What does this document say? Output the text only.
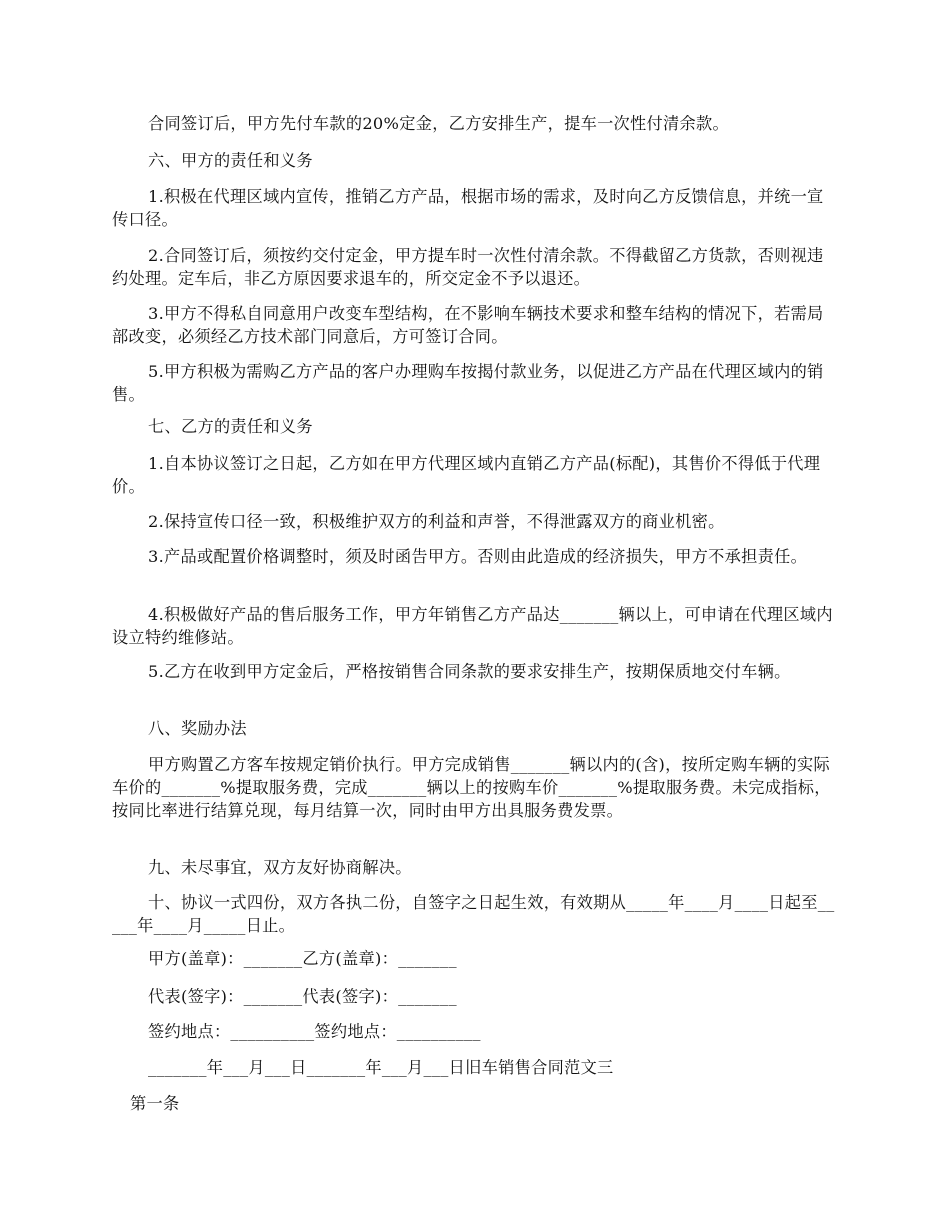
合同签订后，甲方先付车款的20%定金，乙方安排生产，提车一次性付清余款。

六、甲方的责任和义务

1.积极在代理区域内宣传，推销乙方产品，根据市场的需求，及时向乙方反馈信息，并统一宣传口径。

2.合同签订后，须按约交付定金，甲方提车时一次性付清余款。不得截留乙方货款，否则视违约处理。定车后，非乙方原因要求退车的，所交定金不予以退还。

3.甲方不得私自同意用户改变车型结构，在不影响车辆技术要求和整车结构的情况下，若需局部改变，必须经乙方技术部门同意后，方可签订合同。

5.甲方积极为需购乙方产品的客户办理购车按揭付款业务，以促进乙方产品在代理区域内的销售。

七、乙方的责任和义务

1.自本协议签订之日起，乙方如在甲方代理区域内直销乙方产品(标配)，其售价不得低于代理价。

2.保持宣传口径一致，积极维护双方的利益和声誉，不得泄露双方的商业机密。

3.产品或配置价格调整时，须及时函告甲方。否则由此造成的经济损失，甲方不承担责任。

4.积极做好产品的售后服务工作，甲方年销售乙方产品达_______辆以上，可申请在代理区域内设立特约维修站。

5.乙方在收到甲方定金后，严格按销售合同条款的要求安排生产，按期保质地交付车辆。

八、奖励办法

甲方购置乙方客车按规定销价执行。甲方完成销售_______辆以内的(含)，按所定购车辆的实际车价的_______%提取服务费，完成_______辆以上的按购车价_______%提取服务费。未完成指标，按同比率进行结算兑现，每月结算一次，同时由甲方出具服务费发票。

九、未尽事宜，双方友好协商解决。

十、协议一式四份，双方各执二份，自签字之日起生效，有效期从_____年____月____日起至_____年____月_____日止。

甲方(盖章)：_______乙方(盖章)：_______

代表(签字)：_______代表(签字)：_______

签约地点：__________签约地点：__________

_______年___月___日_______年___月___日旧车销售合同范文三

第一条
